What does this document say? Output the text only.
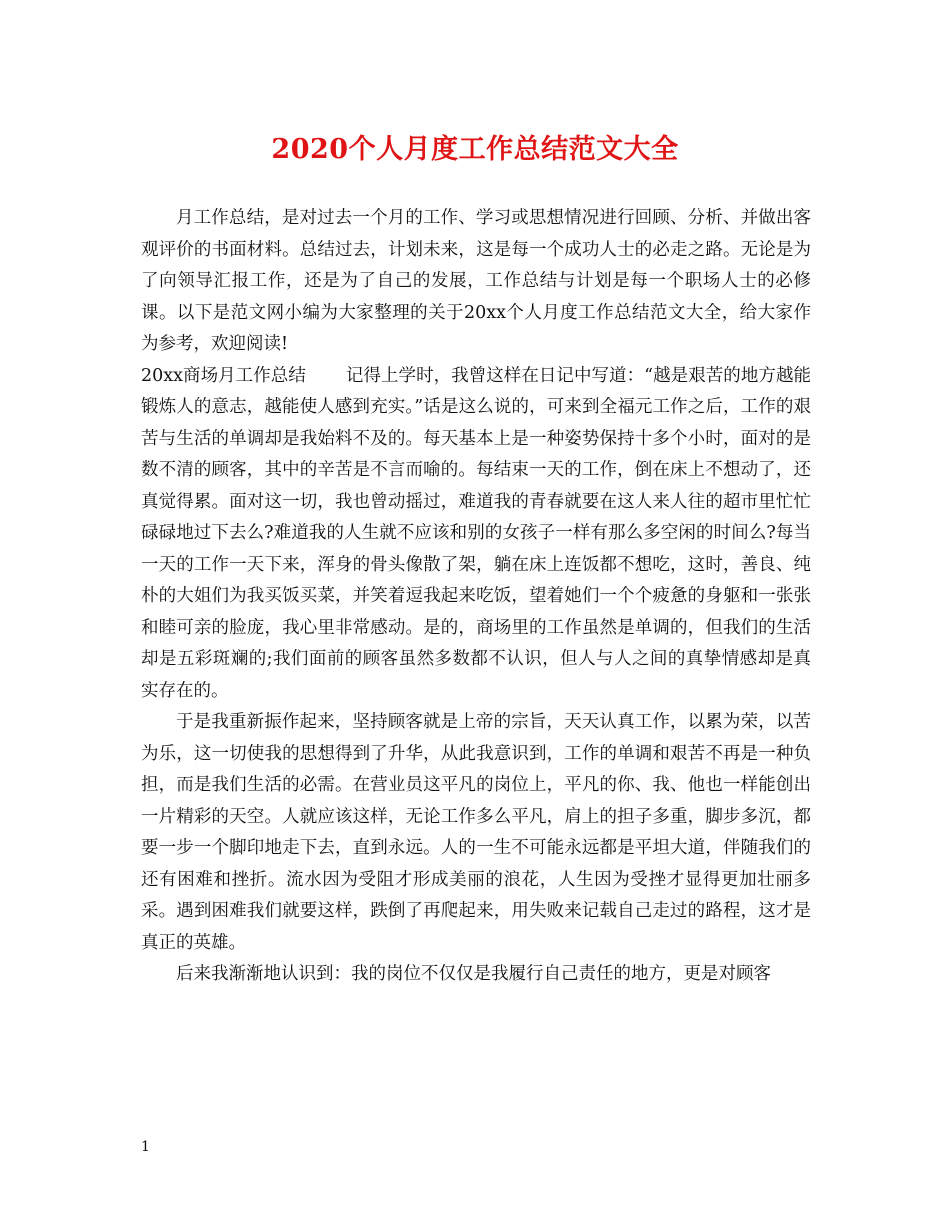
2020个人月度工作总结范文大全

月工作总结，是对过去一个月的工作、学习或思想情况进行回顾、分析、并做出客观评价的书面材料。总结过去，计划未来，这是每一个成功人士的必走之路。无论是为了向领导汇报工作，还是为了自己的发展，工作总结与计划是每一个职场人士的必修课。以下是范文网小编为大家整理的关于20xx个人月度工作总结范文大全，给大家作为参考，欢迎阅读!

20xx商场月工作总结 记得上学时，我曾这样在日记中写道：“越是艰苦的地方越能锻炼人的意志，越能使人感到充实。”话是这么说的，可来到全福元工作之后，工作的艰苦与生活的单调却是我始料不及的。每天基本上是一种姿势保持十多个小时，面对的是数不清的顾客，其中的辛苦是不言而喻的。每结束一天的工作，倒在床上不想动了，还真觉得累。面对这一切，我也曾动摇过，难道我的青春就要在这人来人往的超市里忙忙碌碌地过下去么?难道我的人生就不应该和别的女孩子一样有那么多空闲的时间么?每当一天的工作一天下来，浑身的骨头像散了架，躺在床上连饭都不想吃，这时，善良、纯朴的大姐们为我买饭买菜，并笑着逗我起来吃饭，望着她们一个个疲惫的身躯和一张张和睦可亲的脸庞，我心里非常感动。是的，商场里的工作虽然是单调的，但我们的生活却是五彩斑斓的;我们面前的顾客虽然多数都不认识，但人与人之间的真挚情感却是真实存在的。

于是我重新振作起来，坚持顾客就是上帝的宗旨，天天认真工作，以累为荣，以苦为乐，这一切使我的思想得到了升华，从此我意识到，工作的单调和艰苦不再是一种负担，而是我们生活的必需。在营业员这平凡的岗位上，平凡的你、我、他也一样能创出一片精彩的天空。人就应该这样，无论工作多么平凡，肩上的担子多重，脚步多沉，都要一步一个脚印地走下去，直到永远。人的一生不可能永远都是平坦大道，伴随我们的还有困难和挫折。流水因为受阻才形成美丽的浪花，人生因为受挫才显得更加壮丽多采。遇到困难我们就要这样，跌倒了再爬起来，用失败来记载自己走过的路程，这才是真正的英雄。

后来我渐渐地认识到：我的岗位不仅仅是我履行自己责任的地方，更是对顾客

1
